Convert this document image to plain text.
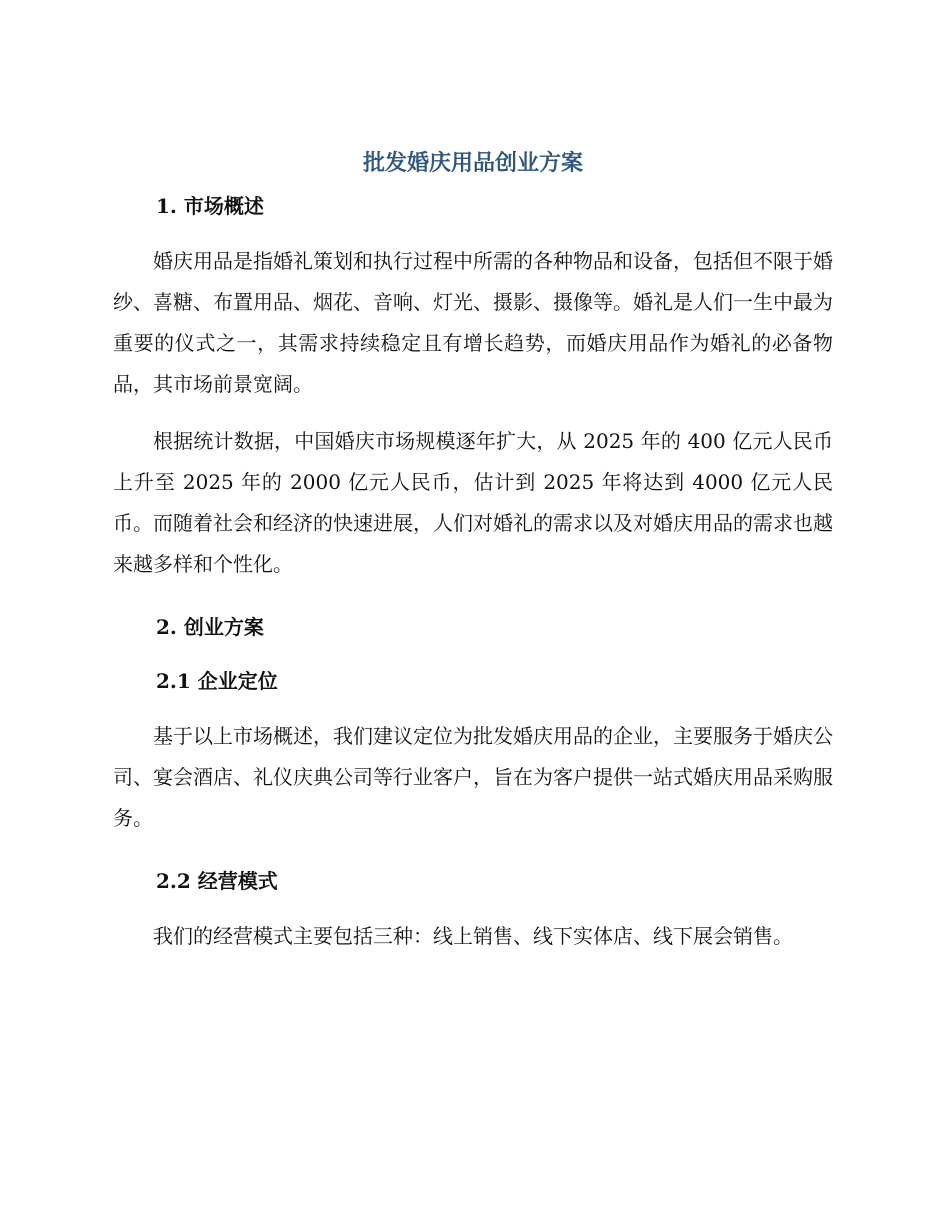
批发婚庆用品创业方案
1. 市场概述

婚庆用品是指婚礼策划和执行过程中所需的各种物品和设备，包括但不限于婚纱、喜糖、布置用品、烟花、音响、灯光、摄影、摄像等。婚礼是人们一生中最为重要的仪式之一，其需求持续稳定且有增长趋势，而婚庆用品作为婚礼的必备物品，其市场前景宽阔。

根据统计数据，中国婚庆市场规模逐年扩大，从 2025 年的 400 亿元人民币上升至 2025 年的 2000 亿元人民币，估计到 2025 年将达到 4000 亿元人民币。而随着社会和经济的快速进展，人们对婚礼的需求以及对婚庆用品的需求也越来越多样和个性化。

2. 创业方案
2.1 企业定位

基于以上市场概述，我们建议定位为批发婚庆用品的企业，主要服务于婚庆公司、宴会酒店、礼仪庆典公司等行业客户，旨在为客户提供一站式婚庆用品采购服务。

2.2 经营模式

我们的经营模式主要包括三种：线上销售、线下实体店、线下展会销售。
